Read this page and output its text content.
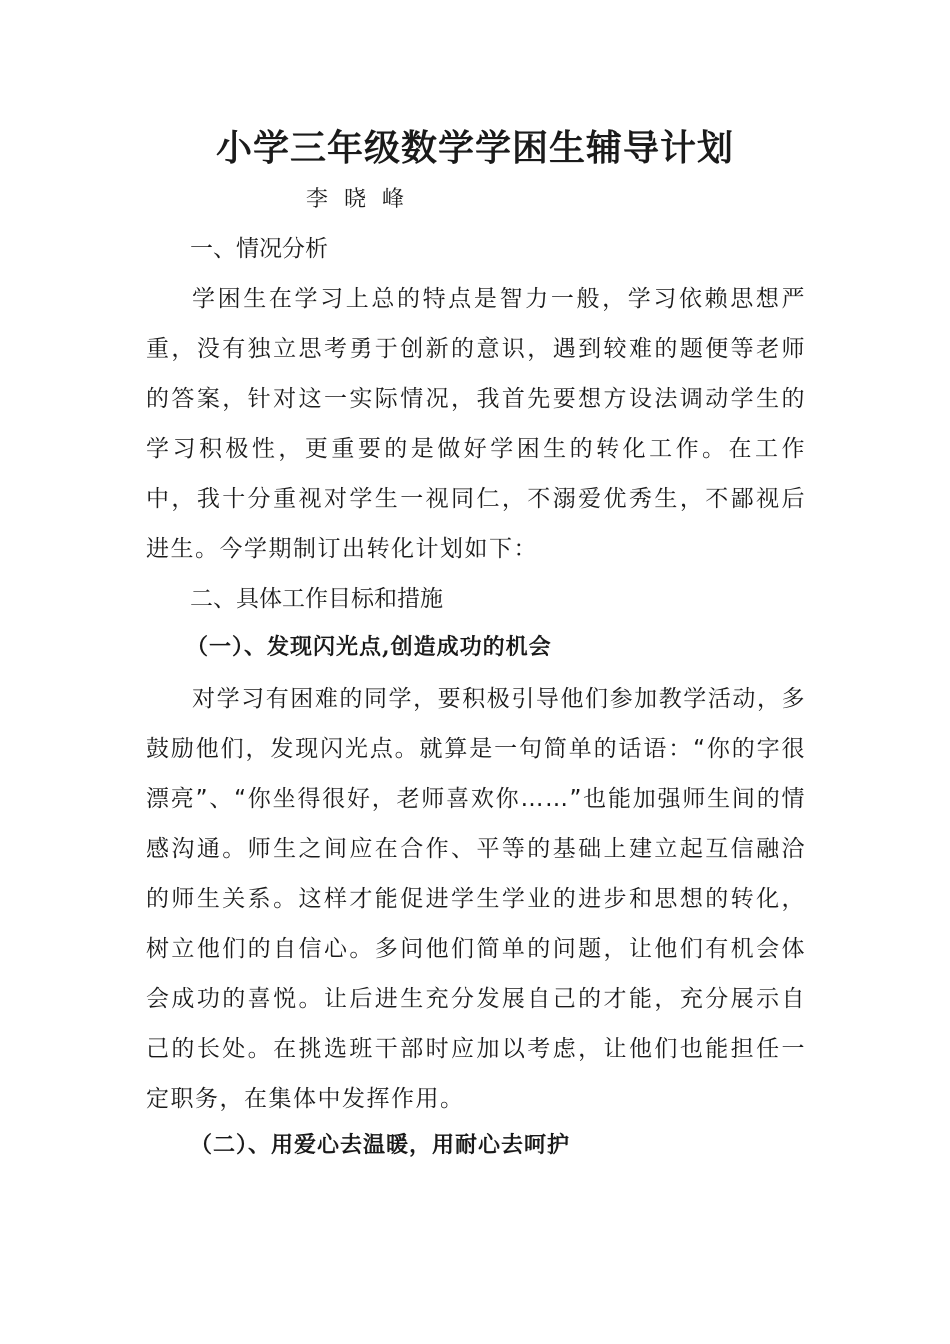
小学三年级数学学困生辅导计划
李晓峰
一、情况分析
学困生在学习上总的特点是智力一般，学习依赖思想严重，没有独立思考勇于创新的意识，遇到较难的题便等老师的答案，针对这一实际情况，我首先要想方设法调动学生的学习积极性，更重要的是做好学困生的转化工作。在工作中，我十分重视对学生一视同仁，不溺爱优秀生，不鄙视后进生。今学期制订出转化计划如下：
二、具体工作目标和措施
（一）、发现闪光点,创造成功的机会
对学习有困难的同学，要积极引导他们参加教学活动，多鼓励他们，发现闪光点。就算是一句简单的话语：“你的字很漂亮”、“你坐得很好，老师喜欢你……”也能加强师生间的情感沟通。师生之间应在合作、平等的基础上建立起互信融洽的师生关系。这样才能促进学生学业的进步和思想的转化，树立他们的自信心。多问他们简单的问题，让他们有机会体会成功的喜悦。让后进生充分发展自己的才能，充分展示自己的长处。在挑选班干部时应加以考虑，让他们也能担任一定职务，在集体中发挥作用。
（二）、用爱心去温暖，用耐心去呵护
